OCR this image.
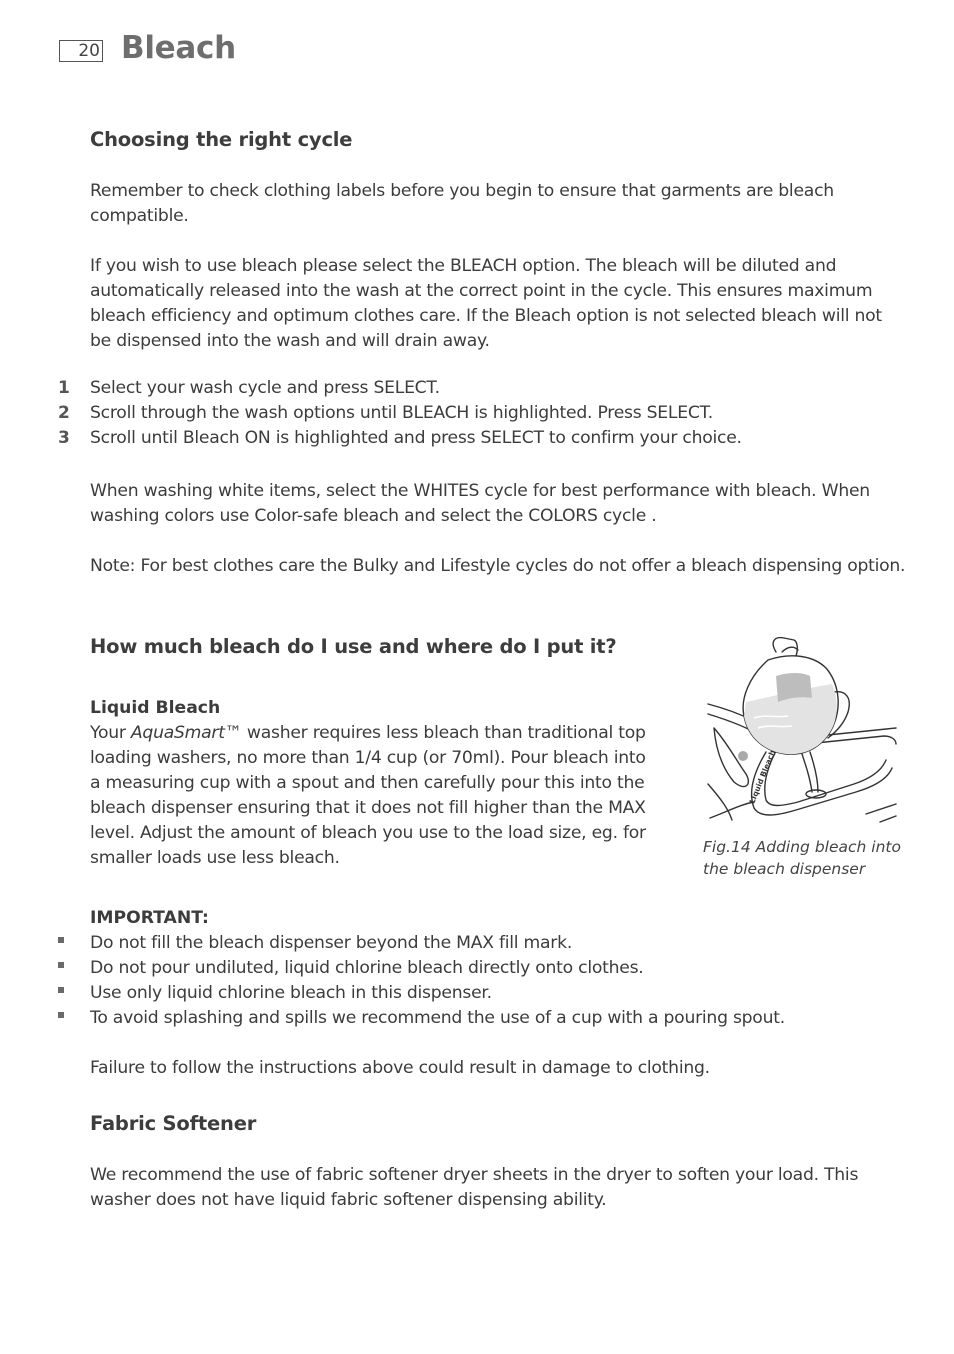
20 Bleach
Choosing the right cycle
Remember to check clothing labels before you begin to ensure that garments are bleach
compatible.
If you wish to use bleach please select the BLEACH option. The bleach will be diluted and
automatically released into the wash at the correct point in the cycle. This ensures maximum
bleach efficiency and optimum clothes care. If the Bleach option is not selected bleach will not
be dispensed into the wash and will drain away.
1 Select your wash cycle and press SELECT.
2 Scroll through the wash options until BLEACH is highlighted. Press SELECT.
3 Scroll until Bleach ON is highlighted and press SELECT to confirm your choice.
When washing white items, select the WHITES cycle for best performance with bleach. When
washing colors use Color-safe bleach and select the COLORS cycle .
Note: For best clothes care the Bulky and Lifestyle cycles do not offer a bleach dispensing option.
How much bleach do I use and where do I put it?
Liquid Bleach
Your AquaSmart™ washer requires less bleach than traditional top
loading washers, no more than 1/4 cup (or 70ml). Pour bleach into
a measuring cup with a spout and then carefully pour this into the
bleach dispenser ensuring that it does not fill higher than the MAX
level. Adjust the amount of bleach you use to the load size, eg. for
smaller loads use less bleach.
Liquid Bleach
Fig.14 Adding bleach into
the bleach dispenser
IMPORTANT:
Do not fill the bleach dispenser beyond the MAX fill mark.
Do not pour undiluted, liquid chlorine bleach directly onto clothes.
Use only liquid chlorine bleach in this dispenser.
To avoid splashing and spills we recommend the use of a cup with a pouring spout.
Failure to follow the instructions above could result in damage to clothing.
Fabric Softener
We recommend the use of fabric softener dryer sheets in the dryer to soften your load. This
washer does not have liquid fabric softener dispensing ability.
